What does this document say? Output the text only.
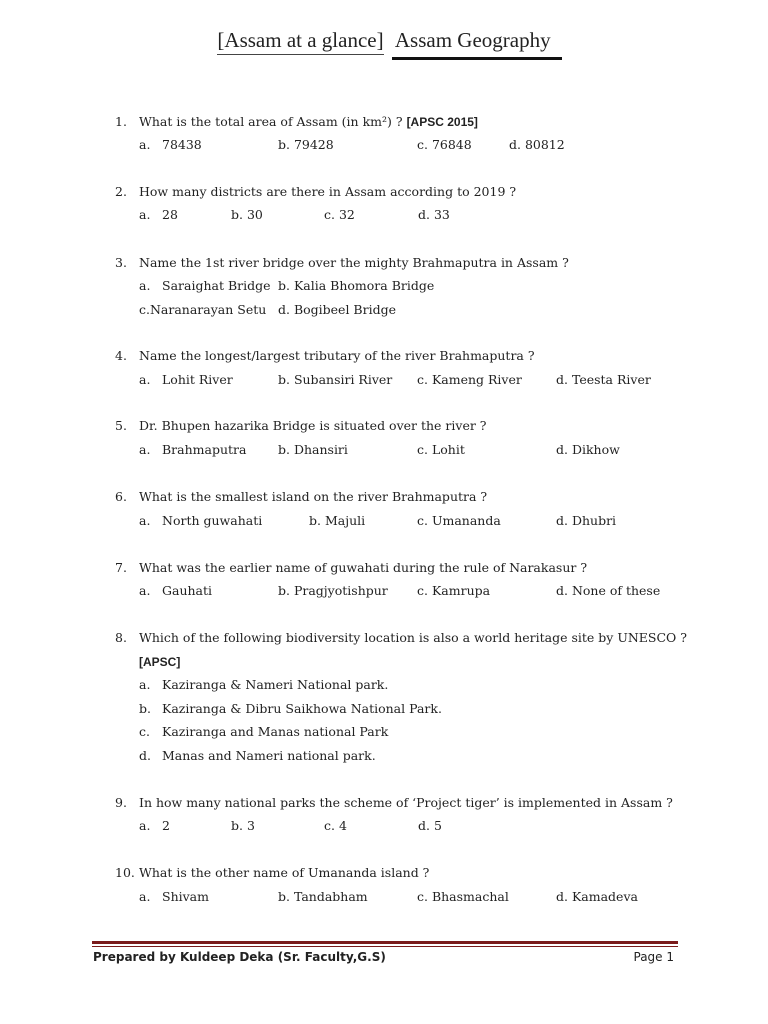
[Assam at a glance] Assam Geography
1. What is the total area of Assam (in km²) ? [APSC 2015]
a. 78438	b. 79428	c. 76848	d. 80812
2. How many districts are there in Assam according to 2019 ?
a. 28	b. 30	c. 32	d. 33
3. Name the 1st river bridge over the mighty Brahmaputra in Assam ?
a. Saraighat Bridge b. Kalia Bhomora Bridge
c.Naranarayan Setu d. Bogibeel Bridge
4. Name the longest/largest tributary of the river Brahmaputra ?
a. Lohit River	b. Subansiri River c. Kameng River	d. Teesta River
5. Dr. Bhupen hazarika Bridge is situated over the river ?
a. Brahmaputra	b. Dhansiri	c. Lohit	d. Dikhow
6. What is the smallest island on the river Brahmaputra ?
a. North guwahati	b. Majuli	c. Umananda	d. Dhubri
7. What was the earlier name of guwahati during the rule of Narakasur ?
a. Gauhati	b. Pragjyotishpur c. Kamrupa	d. None of these
8. Which of the following biodiversity location is also a world heritage site by UNESCO ?
[APSC]
a. Kaziranga & Nameri National park.
b. Kaziranga & Dibru Saikhowa National Park.
c. Kaziranga and Manas national Park
d. Manas and Nameri national park.
9. In how many national parks the scheme of ‘Project tiger’ is implemented in Assam ?
a. 2	b. 3	c. 4	d. 5
10. What is the other name of Umananda island ?
a. Shivam	b. Tandabham	c. Bhasmachal	d. Kamadeva
Prepared by Kuldeep Deka (Sr. Faculty,G.S)	Page 1
